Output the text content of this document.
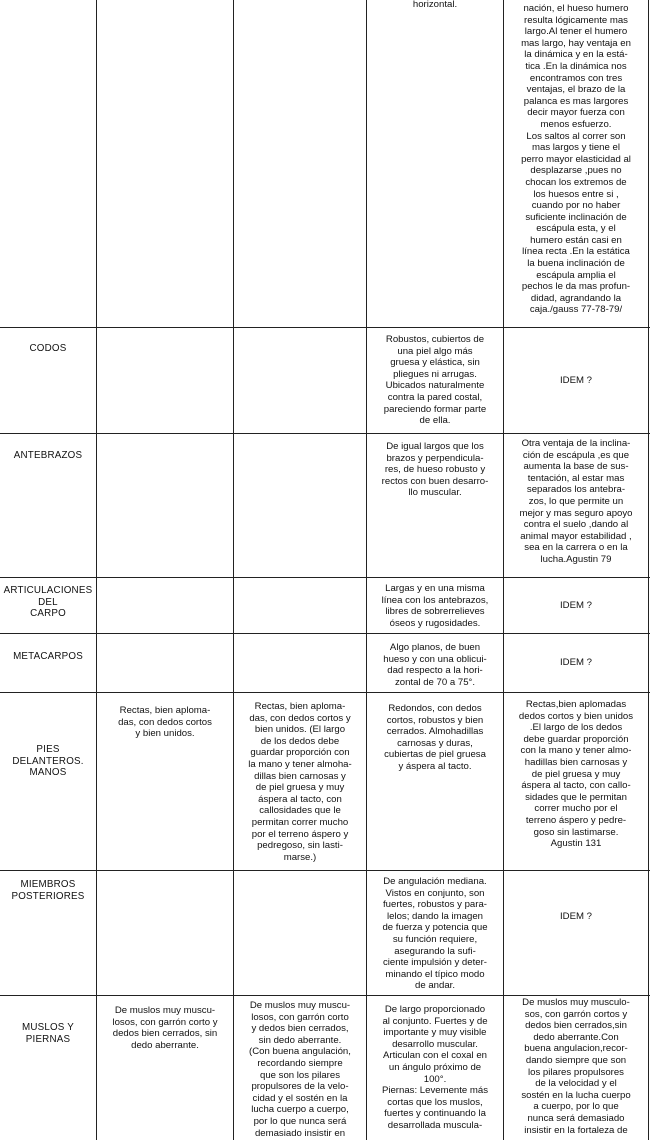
horizontal.	nación, el hueso humero
resulta lógicamente mas
largo.Al tener el humero
mas largo, hay ventaja en
la dinámica y en la está-
tica .En la dinámica nos
encontramos con tres
ventajas, el brazo de la
palanca es mas largores
decir mayor fuerza con
menos esfuerzo.
Los saltos al correr son
mas largos y tiene el
perro mayor elasticidad al
desplazarse ,pues no
chocan los extremos de
los huesos entre si ,
cuando por no haber
suficiente inclinación de
escápula esta, y el
humero están casi en
línea recta .En la estática
la buena inclinación de
escápula amplia el
pechos le da mas profun-
didad, agrandando la
caja./gauss 77-78-79/
CODOS
Robustos, cubiertos de
una piel algo más
gruesa y elástica, sin
pliegues ni arrugas.
Ubicados naturalmente
contra la pared costal,
pareciendo formar parte
de ella.
IDEM ?
ANTEBRAZOS
De igual largos que los
brazos y perpendicula-
res, de hueso robusto y
rectos con buen desarro-
llo muscular.
Otra ventaja de la inclina-
ción de escápula ,es que
aumenta la base de sus-
tentación, al estar mas
separados los antebra-
zos, lo que permite un
mejor y mas seguro apoyo
contra el suelo ,dando al
animal mayor estabilidad ,
sea en la carrera o en la
lucha.Agustin 79
ARTICULACIONES
DEL
CARPO
Largas y en una misma
línea con los antebrazos,
libres de sobrerrelieves
óseos y rugosidades.
IDEM ?
METACARPOS
Algo planos, de buen
hueso y con una oblicui-
dad respecto a la hori-
zontal de 70 a 75°.
IDEM ?
PIES
DELANTEROS.
MANOS
Rectas, bien aploma-
das, con dedos cortos
y bien unidos.
Rectas, bien aploma-
das, con dedos cortos y
bien unidos. (El largo
de los dedos debe
guardar proporción con
la mano y tener almoha-
dillas bien carnosas y
de piel gruesa y muy
áspera al tacto, con
callosidades que le
permitan correr mucho
por el terreno áspero y
pedregoso, sin lasti-
marse.)
Redondos, con dedos
cortos, robustos y bien
cerrados. Almohadillas
carnosas y duras,
cubiertas de piel gruesa
y áspera al tacto.
Rectas,bien aplomadas
dedos cortos y bien unidos
.El largo de los dedos
debe guardar proporción
con la mano y tener almo-
hadillas bien carnosas y
de piel gruesa y muy
áspera al tacto, con callo-
sidades que le permitan
correr mucho por el
terreno áspero y pedre-
goso sin lastimarse.
Agustin 131
MIEMBROS
POSTERIORES
De angulación mediana.
Vistos en conjunto, son
fuertes, robustos y para-
lelos; dando la imagen
de fuerza y potencia que
su función requiere,
asegurando la sufi-
ciente impulsión y deter-
minando el típico modo
de andar.
IDEM ?
MUSLOS Y
PIERNAS
De muslos muy muscu-
losos, con garrón corto y
dedos bien cerrados, sin
dedo aberrante.
De muslos muy muscu-
losos, con garrón corto
y dedos bien cerrados,
sin dedo aberrante.
(Con buena angulación,
recordando siempre
que son los pilares
propulsores de la velo-
cidad y el sostén en la
lucha cuerpo a cuerpo,
por lo que nunca será
demasiado insistir en
De largo proporcionado
al conjunto. Fuertes y de
importante y muy visible
desarrollo muscular.
Articulan con el coxal en
un ángulo próximo de
100°.
Piernas: Levemente más
cortas que los muslos,
fuertes y continuando la
desarrollada muscula-
De muslos muy musculo-
sos, con garrón cortos y
dedos bien cerrados,sin
dedo aberrante.Con
buena angulacion,recor-
dando siempre que son
los pilares propulsores
de la velocidad y el
sostén en la lucha cuerpo
a cuerpo, por lo que
nunca será demasiado
insistir en la fortaleza de
